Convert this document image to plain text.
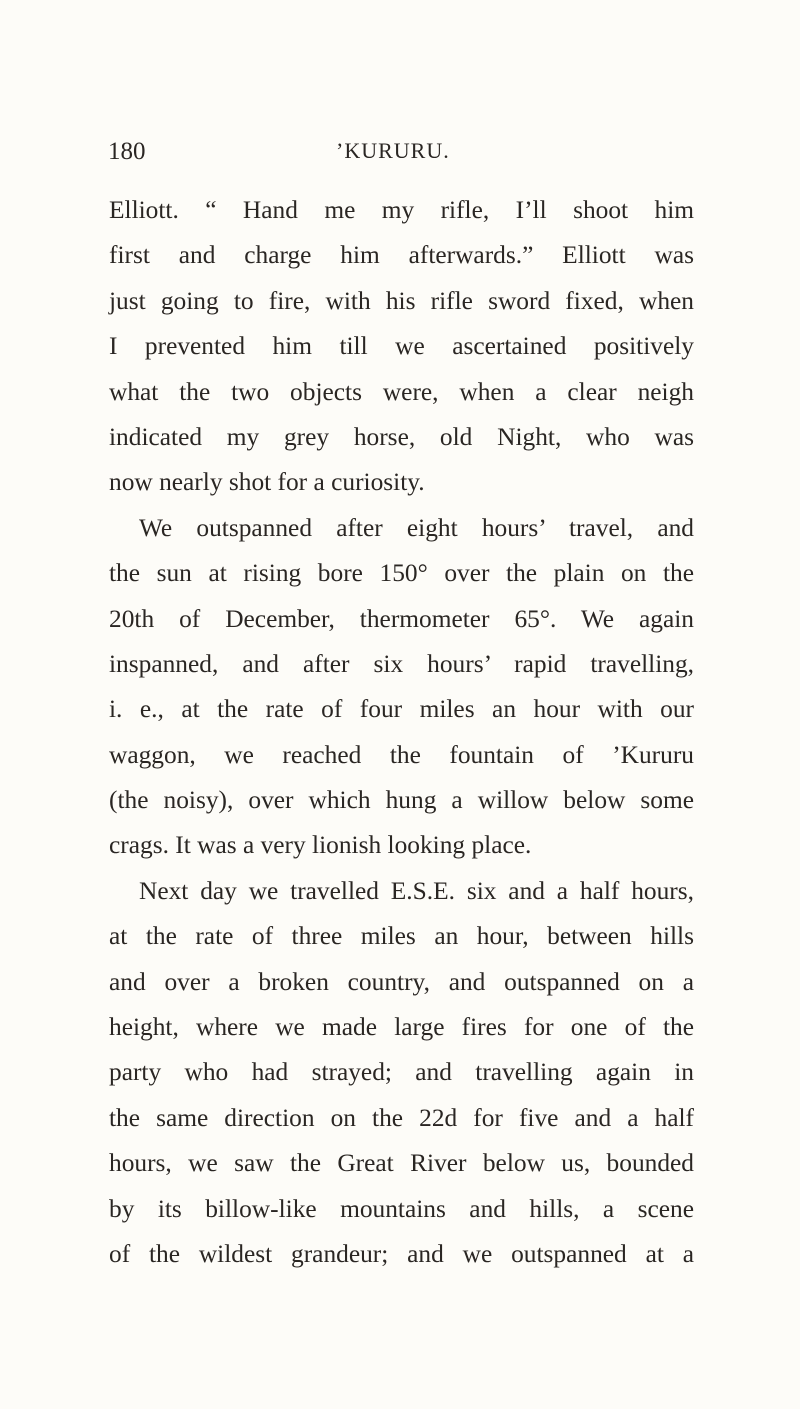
180	’KURURU.
Elliott. “ Hand me my rifle, I’ll shoot him
first and charge him afterwards.” Elliott was
just going to fire, with his rifle sword fixed, when
I prevented him till we ascertained positively
what the two objects were, when a clear neigh
indicated my grey horse, old Night, who was
now nearly shot for a curiosity.
We outspanned after eight hours’ travel, and
the sun at rising bore 150° over the plain on the
20th of December, thermometer 65°. We again
inspanned, and after six hours’ rapid travelling,
i. e., at the rate of four miles an hour with our
waggon, we reached the fountain of ’Kururu
(the noisy), over which hung a willow below some
crags. It was a very lionish looking place.
Next day we travelled E.S.E. six and a half hours,
at the rate of three miles an hour, between hills
and over a broken country, and outspanned on a
height, where we made large fires for one of the
party who had strayed; and travelling again in
the same direction on the 22d for five and a half
hours, we saw the Great River below us, bounded
by its billow-like mountains and hills, a scene
of the wildest grandeur; and we outspanned at a
